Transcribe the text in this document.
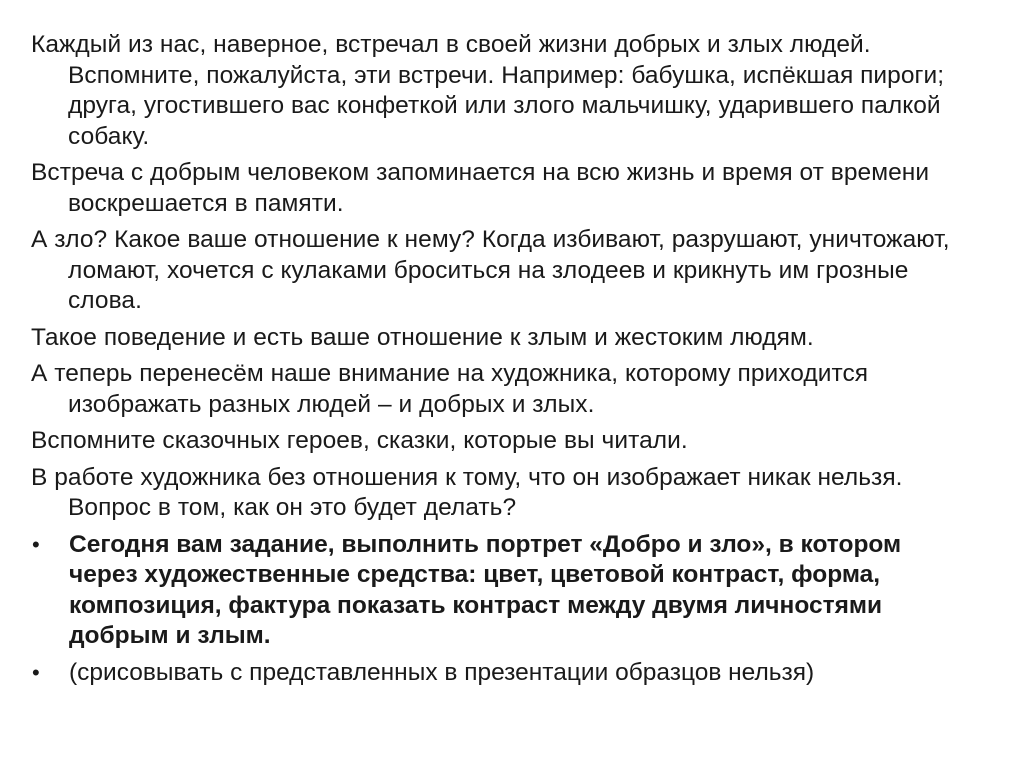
Каждый из нас, наверное, встречал в своей жизни добрых и злых людей. Вспомните, пожалуйста, эти встречи. Например: бабушка, испёкшая пироги; друга, угостившего вас конфеткой или злого мальчишку, ударившего палкой собаку.

Встреча с добрым человеком запоминается на всю жизнь и время от времени воскрешается в памяти.

А зло? Какое ваше отношение к нему? Когда избивают, разрушают, уничтожают, ломают, хочется с кулаками броситься на злодеев и крикнуть им грозные слова.

Такое поведение и есть ваше отношение к злым и жестоким людям.

А теперь перенесём наше внимание на художника, которому приходится изображать разных людей – и добрых и злых.

Вспомните сказочных героев, сказки, которые вы читали.

В работе художника без отношения к тому, что он изображает никак нельзя. Вопрос в том, как он это будет делать?

•	Сегодня вам задание, выполнить портрет «Добро и зло», в котором через художественные средства: цвет, цветовой контраст, форма, композиция, фактура показать контраст между двумя личностями добрым и злым.
•	(срисовывать с представленных в презентации образцов нельзя)
